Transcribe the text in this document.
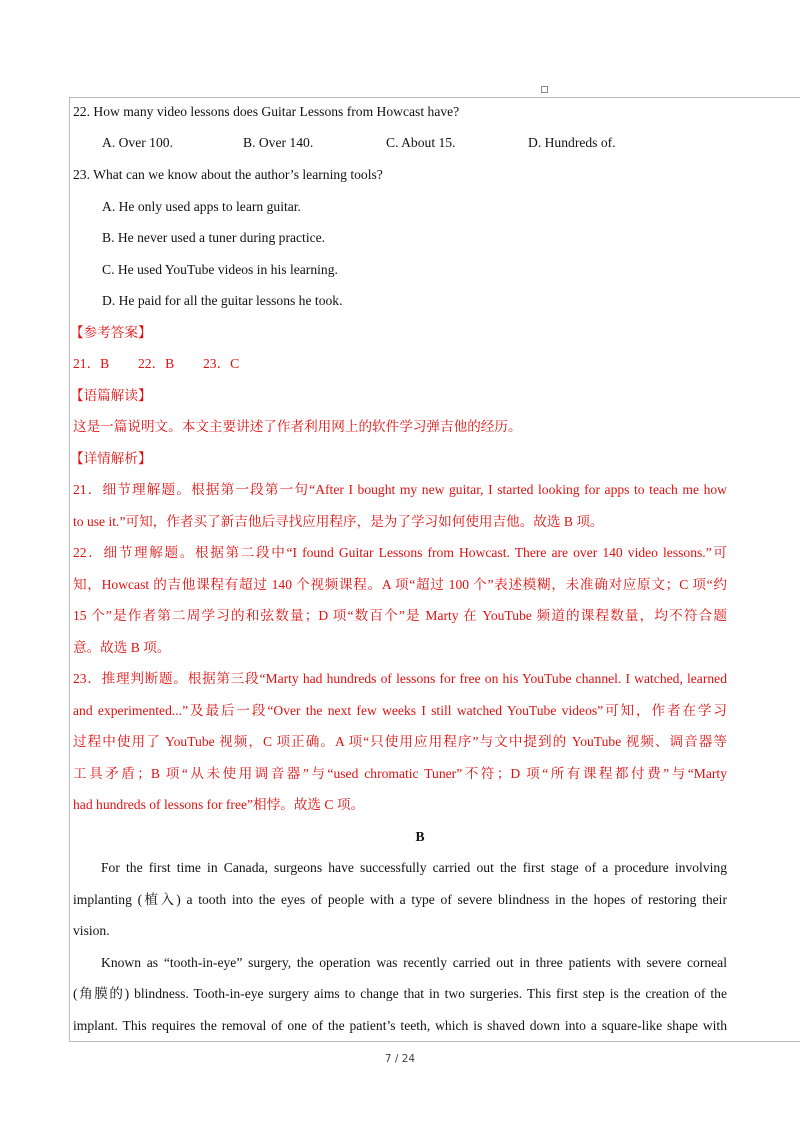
22. How many video lessons does Guitar Lessons from Howcast have?
A. Over 100.	B. Over 140.	C. About 15.	D. Hundreds of.
23. What can we know about the author’s learning tools?
A. He only used apps to learn guitar.
B. He never used a tuner during practice.
C. He used YouTube videos in his learning.
D. He paid for all the guitar lessons he took.
【参考答案】
21．B 22．B 23．C
【语篇解读】
这是一篇说明文。本文主要讲述了作者利用网上的软件学习弹吉他的经历。
【详情解析】
21．细节理解题。根据第一段第一句“After I bought my new guitar, I started looking for apps to teach me how
to use it.”可知，作者买了新吉他后寻找应用程序，是为了学习如何使用吉他。故选 B 项。
22．细节理解题。根据第二段中“I found Guitar Lessons from Howcast. There are over 140 video lessons.”可
知，Howcast 的吉他课程有超过 140 个视频课程。A 项“超过 100 个”表述模糊，未准确对应原文；C 项“约
15 个”是作者第二周学习的和弦数量；D 项“数百个”是 Marty 在 YouTube 频道的课程数量，均不符合题
意。故选 B 项。
23．推理判断题。根据第三段“Marty had hundreds of lessons for free on his YouTube channel. I watched, learned
and experimented...”及最后一段“Over the next few weeks I still watched YouTube videos”可知，作者在学习
过程中使用了 YouTube 视频，C 项正确。A 项“只使用应用程序”与文中提到的 YouTube 视频、调音器等
工具矛盾；B 项“从未使用调音器”与“used chromatic Tuner”不符；D 项“所有课程都付费”与“Marty
had hundreds of lessons for free”相悖。故选 C 项。
B
For the first time in Canada, surgeons have successfully carried out the first stage of a procedure involving
implanting (植入) a tooth into the eyes of people with a type of severe blindness in the hopes of restoring their
vision.
Known as “tooth-in-eye” surgery, the operation was recently carried out in three patients with severe corneal
(角膜的) blindness. Tooth-in-eye surgery aims to change that in two surgeries. This first step is the creation of the
implant. This requires the removal of one of the patient’s teeth, which is shaved down into a square-like shape with
7 / 24
